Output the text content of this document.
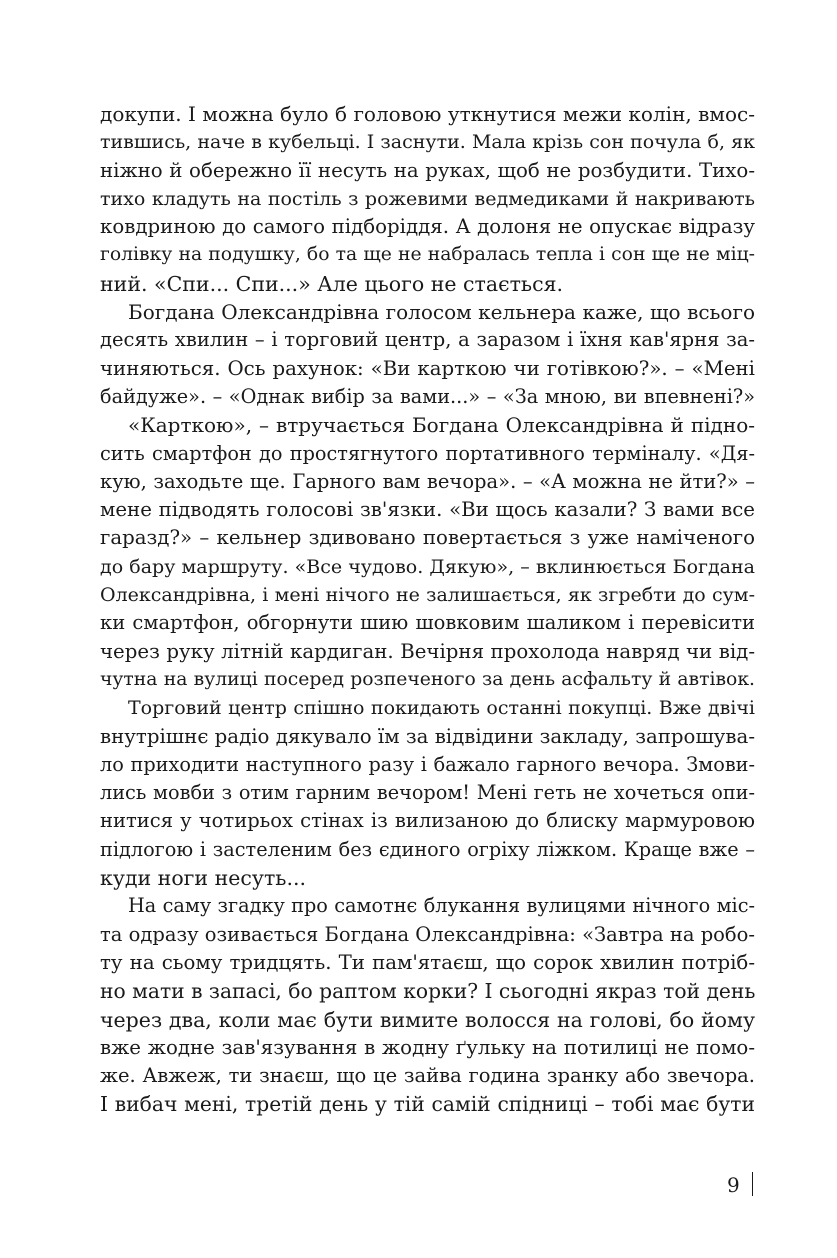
докупи. І можна було б головою уткнутися межи колін, вмос-
тившись, наче в кубельці. І заснути. Мала крізь сон почула б, як
ніжно й обережно її несуть на руках, щоб не розбудити. Тихо-
тихо кладуть на постіль з рожевими ведмедиками й накривають
ковдриною до самого підборіддя. А долоня не опускає відразу
голівку на подушку, бо та ще не набралась тепла і сон ще не міц-
ний. «Спи... Спи...» Але цього не стається.
Богдана Олександрівна голосом кельнера каже, що всього
десять хвилин – і торговий центр, а заразом і їхня кав'ярня за-
чиняються. Ось рахунок: «Ви карткою чи готівкою?». – «Мені
байдуже». – «Однак вибір за вами...» – «За мною, ви впевнені?»
«Карткою», – втручається Богдана Олександрівна й підно-
сить смартфон до простягнутого портативного терміналу. «Дя-
кую, заходьте ще. Гарного вам вечора». – «А можна не йти?» –
мене підводять голосові зв'язки. «Ви щось казали? З вами все
гаразд?» – кельнер здивовано повертається з уже наміченого
до бару маршруту. «Все чудово. Дякую», – вклинюється Богдана
Олександрівна, і мені нічого не залишається, як згребти до сум-
ки смартфон, обгорнути шию шовковим шаликом і перевісити
через руку літній кардиган. Вечірня прохолода навряд чи від-
чутна на вулиці посеред розпеченого за день асфальту й автівок.
Торговий центр спішно покидають останні покупці. Вже двічі
внутрішнє радіо дякувало їм за відвідини закладу, запрошува-
ло приходити наступного разу і бажало гарного вечора. Змови-
лись мовби з отим гарним вечором! Мені геть не хочеться опи-
нитися у чотирьох стінах із вилизаною до блиску мармуровою
підлогою і застеленим без єдиного огріху ліжком. Краще вже –
куди ноги несуть...
На саму згадку про самотнє блукання вулицями нічного міс-
та одразу озивається Богдана Олександрівна: «Завтра на робо-
ту на сьому тридцять. Ти пам'ятаєш, що сорок хвилин потріб-
но мати в запасі, бо раптом корки? І сьогодні якраз той день
через два, коли має бути вимите волосся на голові, бо йому
вже жодне зав'язування в жодну ґульку на потилиці не помо-
же. Авжеж, ти знаєш, що це зайва година зранку або звечора.
І вибач мені, третій день у тій самій спідниці – тобі має бути
9
